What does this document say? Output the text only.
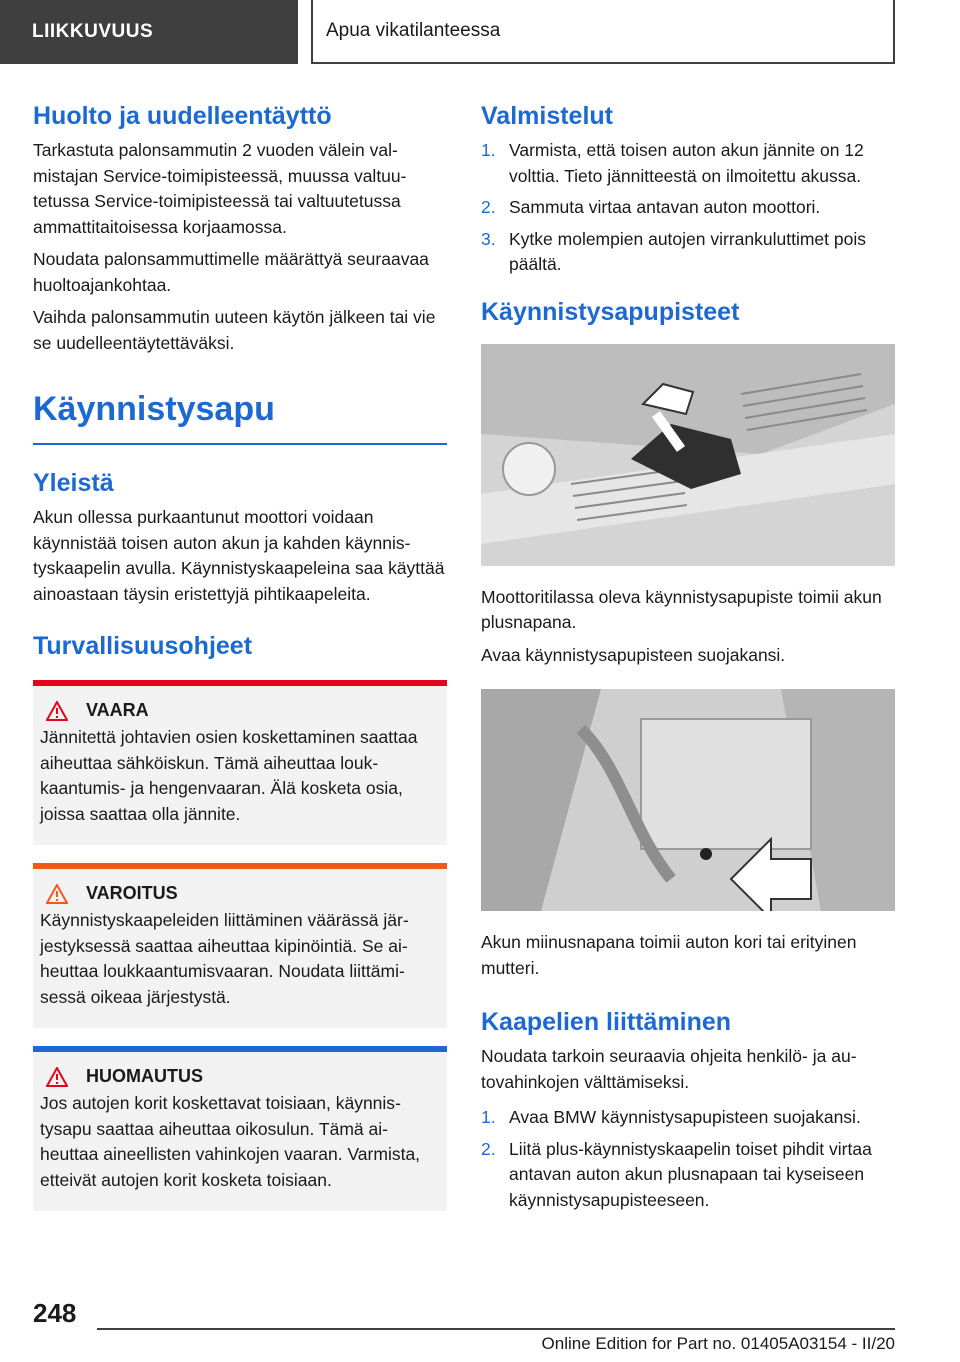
LIIKKUVUUS	Apua vikatilanteessa
Huolto ja uudelleentäyttö

Tarkastuta palonsammutin 2 vuoden välein valmistajan Service-toimipisteessä, muussa valtuutetussa Service-toimipisteessä tai valtuutetussa ammattitaitoisessa korjaamossa.

Noudata palonsammuttimelle määrättyä seuraavaa huoltoajankohtaa.

Vaihda palonsammutin uuteen käytön jälkeen tai vie se uudelleentäytettäväksi.

Käynnistysapu
Yleistä

Akun ollessa purkaantunut moottori voidaan käynnistää toisen auton akun ja kahden käynnistyskaapelin avulla. Käynnistyskaapeleina saa käyttää ainoastaan täysin eristettyjä pihtikaapeleita.

Turvallisuusohjeet
VAARA

Jännitettä johtavien osien koskettaminen saattaa aiheuttaa sähköiskun. Tämä aiheuttaa loukkaantumis- ja hengenvaaran. Älä kosketa osia, joissa saattaa olla jännite.

VAROITUS

Käynnistyskaapeleiden liittäminen väärässä järjestyksessä saattaa aiheuttaa kipinöintiä. Se aiheuttaa loukkaantumisvaaran. Noudata liittämisessä oikeaa järjestystä.

HUOMAUTUS

Jos autojen korit koskettavat toisiaan, käynnistysapu saattaa aiheuttaa oikosulun. Tämä aiheuttaa aineellisten vahinkojen vaaran. Varmista, etteivät autojen korit kosketa toisiaan.

Valmistelut
1. Varmista, että toisen auton akun jännite on 12 volttia. Tieto jännitteestä on ilmoitettu akussa.
2. Sammuta virtaa antavan auton moottori.
3. Kytke molempien autojen virrankuluttimet pois päältä.
Käynnistysapupisteet

Moottoritilassa oleva käynnistysapupiste toimii akun plusnapana.

Avaa käynnistysapupisteen suojakansi.

Akun miinusnapana toimii auton kori tai erityinen mutteri.

Kaapelien liittäminen

Noudata tarkoin seuraavia ohjeita henkilö- ja autovahinkojen välttämiseksi.

1. Avaa BMW käynnistysapupisteen suojakansi.
2. Liitä plus-käynnistyskaapelin toiset pihdit virtaa antavan auton akun plusnapaan tai kyseiseen käynnistysapupisteeseen.
248
Online Edition for Part no. 01405A03154 - II/20
